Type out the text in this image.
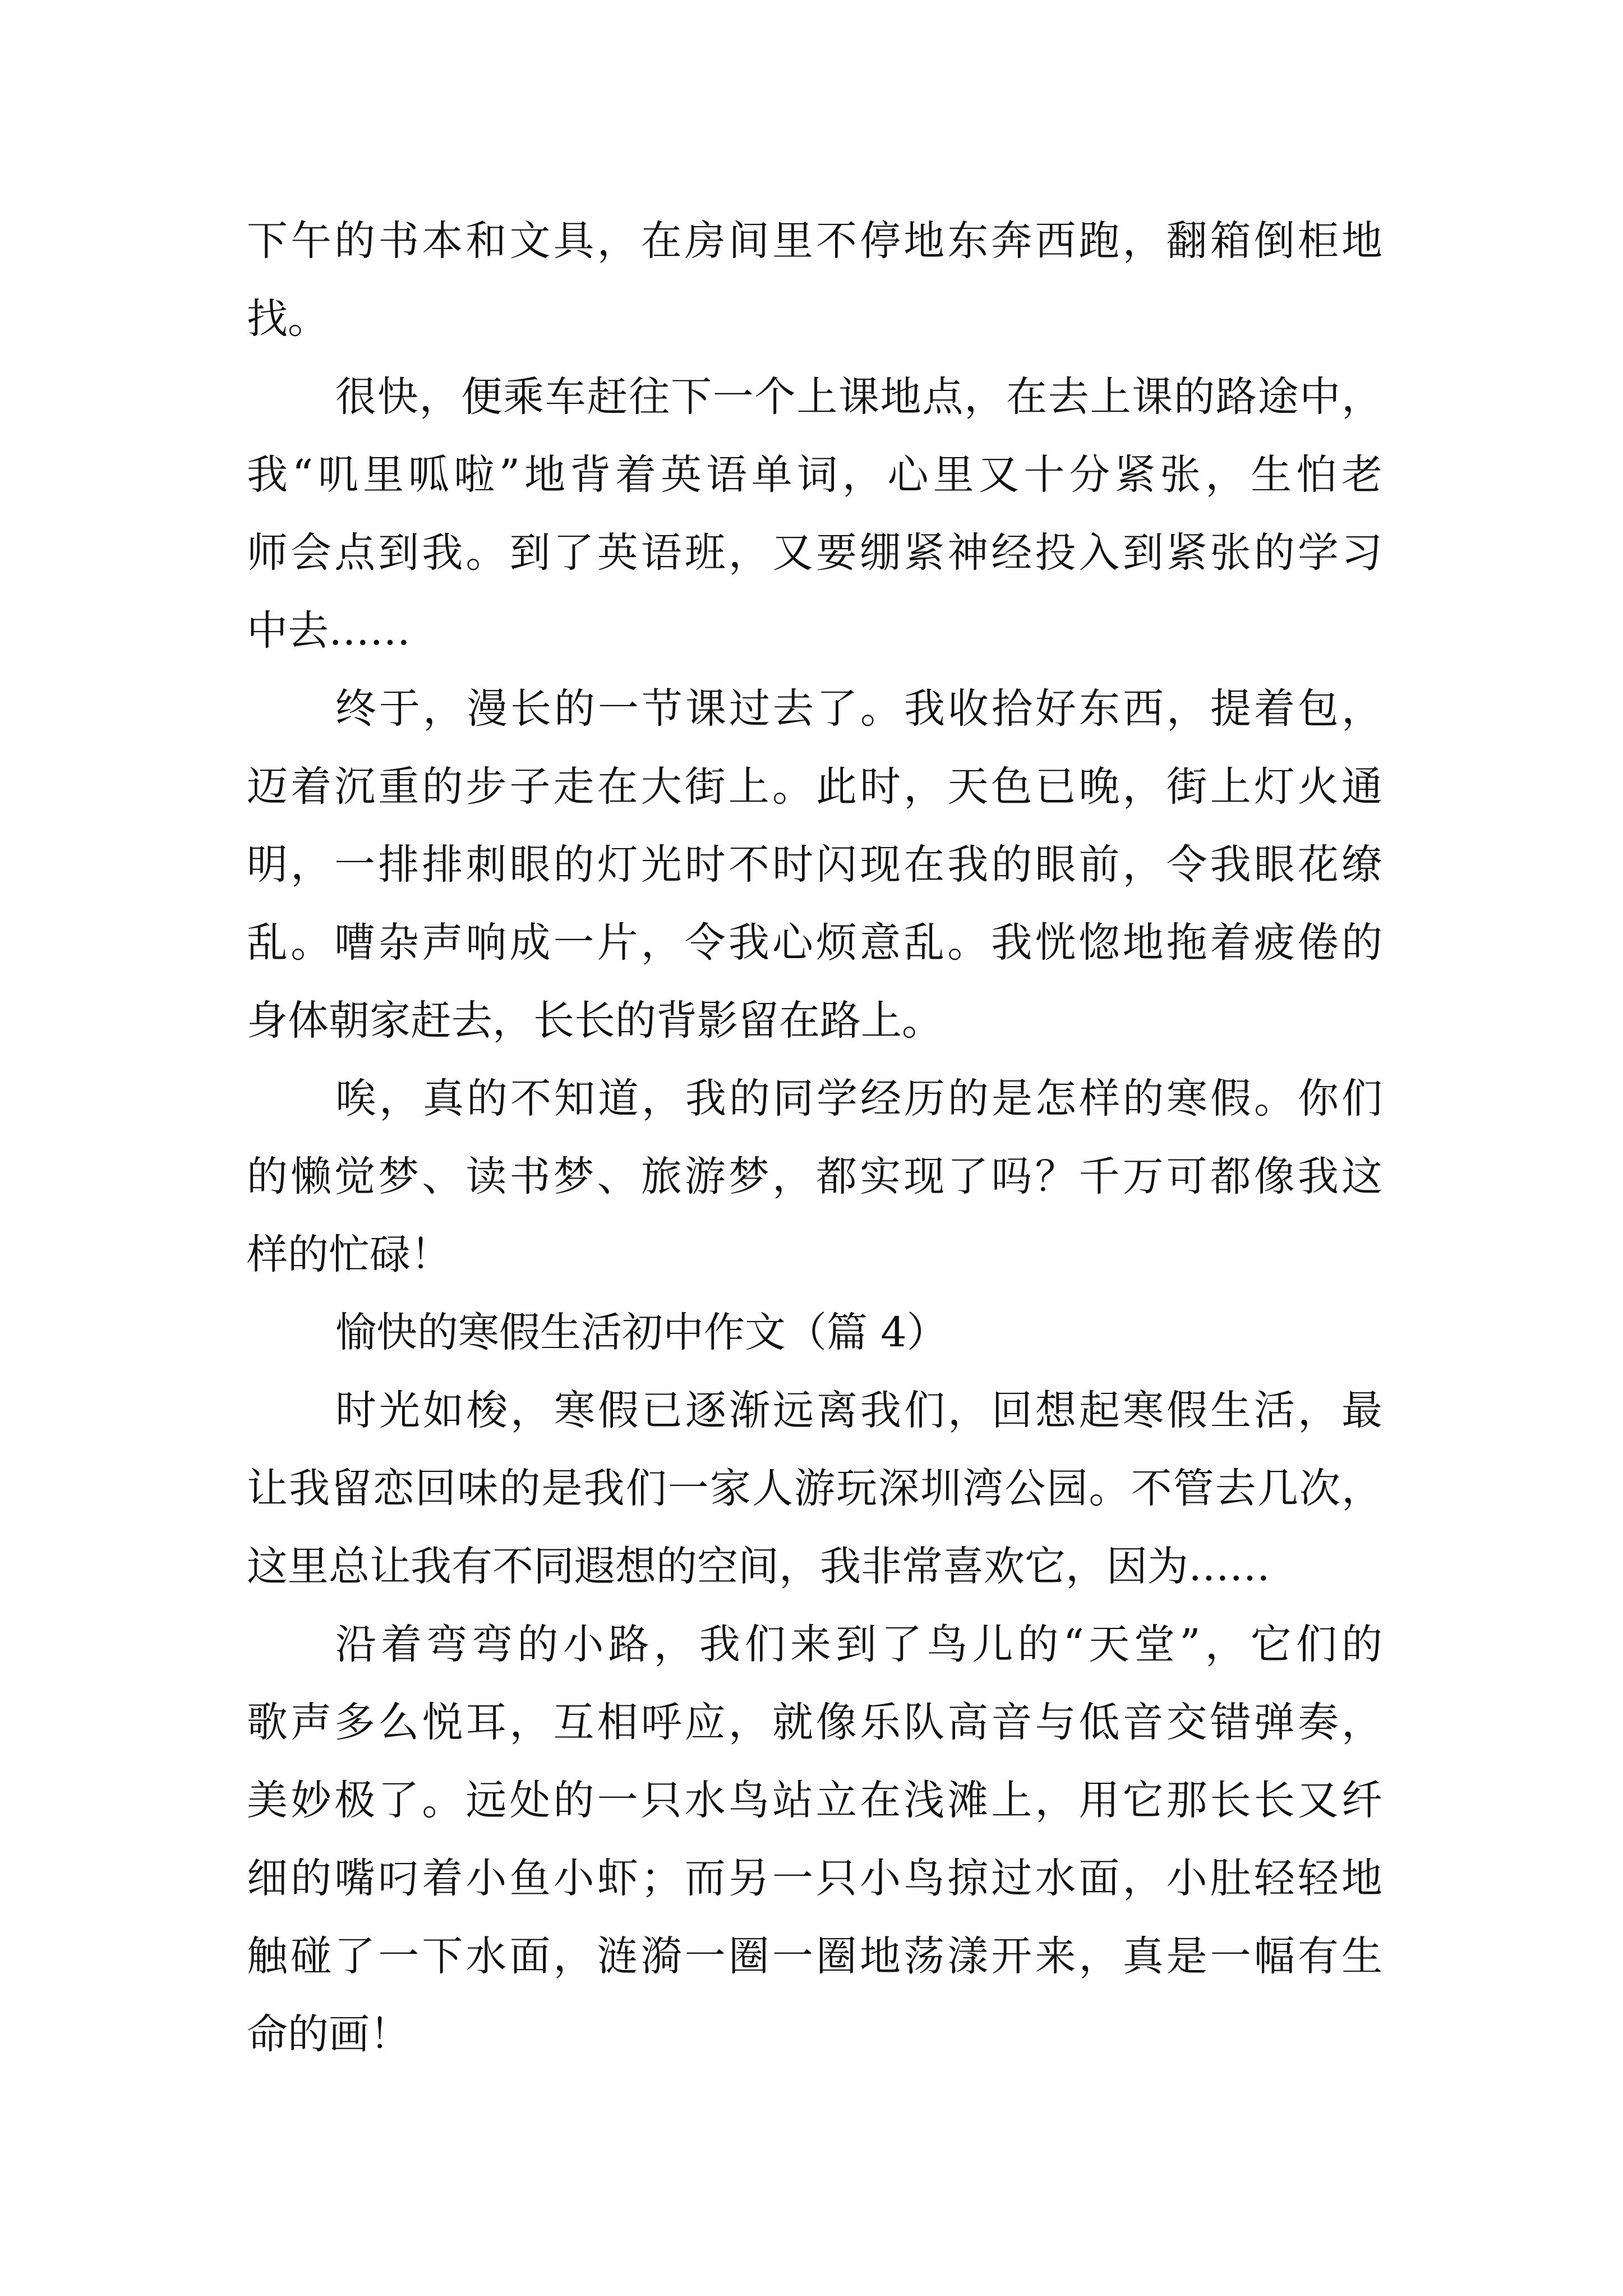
下午的书本和文具，在房间里不停地东奔西跑，翻箱倒柜地
找。
很快，便乘车赶往下一个上课地点，在去上课的路途中，
我“叽里呱啦”地背着英语单词，心里又十分紧张，生怕老
师会点到我。到了英语班，又要绷紧神经投入到紧张的学习
中去……
终于，漫长的一节课过去了。我收拾好东西，提着包，
迈着沉重的步子走在大街上。此时，天色已晚，街上灯火通
明，一排排刺眼的灯光时不时闪现在我的眼前，令我眼花缭
乱。嘈杂声响成一片，令我心烦意乱。我恍惚地拖着疲倦的
身体朝家赶去，长长的背影留在路上。
唉，真的不知道，我的同学经历的是怎样的寒假。你们
的懒觉梦、读书梦、旅游梦，都实现了吗？千万可都像我这
样的忙碌！
愉快的寒假生活初中作文（篇 4）
时光如梭，寒假已逐渐远离我们，回想起寒假生活，最
让我留恋回味的是我们一家人游玩深圳湾公园。不管去几次，
这里总让我有不同遐想的空间，我非常喜欢它，因为……
沿着弯弯的小路，我们来到了鸟儿的“天堂”，它们的
歌声多么悦耳，互相呼应，就像乐队高音与低音交错弹奏，
美妙极了。远处的一只水鸟站立在浅滩上，用它那长长又纤
细的嘴叼着小鱼小虾；而另一只小鸟掠过水面，小肚轻轻地
触碰了一下水面，涟漪一圈一圈地荡漾开来，真是一幅有生
命的画！
